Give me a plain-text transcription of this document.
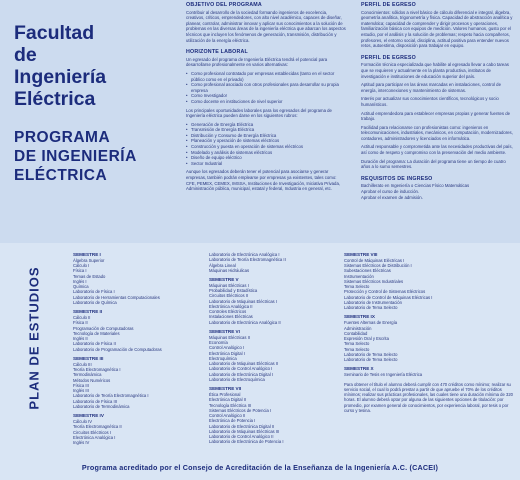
Facultad
de
Ingeniería
Eléctrica
PROGRAMA
DE INGENIERÍA
ELÉCTRICA
OBJETIVO DEL PROGRAMA

Contribuir al desarrollo de la sociedad formando ingenieros de excelencia, creativos, críticos, emprendedores, con alto nivel académico, capaces de diseñar, planear, controlar, administrar innovar y aplicar sus conocimientos a la solución de problemas en las diversas áreas de la ingeniería eléctrica que abarcan los aspectos técnicos que incluyen los fenómenos de generación, transmisión, distribución y utilización de la energía eléctrica.

HORIZONTE LABORAL

Un egresado del programa de Ingeniería Eléctrica tendrá el potencial para desarrollarse profesionalmente en varios alternativas:

• Como profesional contratado por empresas establecidas (tanto en el sector público como en el privado)
• Como profesional asociado con otros profesionales para desarrollar su propia empresa
• Como Investigador
• Como docente en instituciones de nivel superior

Los principales oportunidades laborales para los egresados del programa de Ingeniería eléctrica pueden darse en los siguientes rubros:

• Generación de Energía Eléctrica
• Transmisión de Energía Eléctrica
• Distribución y Consumo de Energía Eléctrica
• Planeación y operación de sistemas eléctricos
• Construcción y puesta en operación de sistemas eléctricos
• Modelado y análisis de sistemas eléctricos
• Diseño de equipo eléctrico
• Sector Industrial

Aunque los egresados deberán tener el potencial para asociarse y generar empresas, también podrán emplearse por empresas ya existentes, tales como: CFE, PEMEX, CEMEX, IMSSA, Instituciones de Investigación, Iniciativa Privada, Administración pública, municipal, estatal y federal, Industria en general, etc.

PERFIL DE EGRESO

Conocimientos: sólidos a nivel básico de cálculo diferencial e integral, álgebra, geometría analítica, trigonometría y física. Capacidad de abstracción analítica y matemática; capacidad de comprender y dirigir procesos y operaciones, familiarización básica con equipos de medición. Valores humanos, gusto por el estudio, por el análisis y la solución de problemas; respeto hacia compañeros, profesores, el entorno social, disciplina, actitud positiva para entender nuevos retos, autoestima, disposición para trabajar en equipo.

PERFIL DE EGRESO

Formación técnica especializada que habilite al egresado llevar a cabo tareas que se requieren y actualmente en la planta productiva, institutos de investigación e instituciones de educación superior del país.

Aptitud para participar en las áreas marcadas en instalaciones, control de energía, interconexiones y mantenimiento de sistemas.

Interés por actualizar sus conocimientos científicos, tecnológicos y socio humanísticos.

Actitud emprendedora para establecer empresas propias y generar fuentes de trabajo.

Facilidad para relacionarse con profesionistas como: ingenieros en telecomunicaciones, industriales, mecánicos, en computación, modernizadores, contadores, administradores y licenciados en informática.

Actitud responsable y comprometida ante las necesidades productivas del país, así como de respeto y compromiso con la preservación del medio ambiente.

Duración del programa: La duración del programa tiene un tiempo de cuatro años a lo sumo semestres.

REQUISITOS DE INGRESO

Bachillerato en Ingeniería o Ciencias Físico Matemáticas

Aprobar el curso de inducción.

Aprobar el examen de admisión.

PLAN DE ESTUDIOS
SEMESTRE I
Álgebra Superior
Cálculo I
Física I
Temas de Estado
Inglés I
Química
Laboratorio de Física I
Laboratorio de Herramientas Computacionales
Laboratorio de Química
SEMESTRE II
Cálculo II
Física II
Programación de Computadoras
Tecnología de Materiales
Inglés II
Laboratorio de Física II
Laboratorio de Programación de Computadoras
SEMESTRE III
Cálculo III
Teoría Electromagnética I
Termodinámica
Métodos Numéricos
Física III
Inglés III
Laboratorio de Teoría Electromagnética I
Laboratorio de Física III
Laboratorio de Termodinámica
SEMESTRE IV
Cálculo IV
Teoría Electromagnética II
Circuitos Eléctricos I
Electrónica Analógica I
Inglés IV
Laboratorio de Electrónica Analógica I
Laboratorio de Teoría Electromagnética II
Álgebra Lineal
Máquinas Hidráulicas
SEMESTRE V
Máquinas Eléctricas I
Probabilidad y Estadística
Circuitos Eléctricos II
Laboratorio de Máquinas Eléctricas I
Electrónica Analógica II
Controles Eléctricos
Instalaciones Eléctricas
Laboratorio de Electrónica Analógica II
SEMESTRE VI
Máquinas Eléctricas II
Economía
Control Analógico I
Electrónica Digital I
Electroquímica
Laboratorio de Máquinas Eléctricas II
Laboratorio de Control Analógico I
Laboratorio de Electrónica Digital I
Laboratorio de Electroquímica
SEMESTRE VII
Ética Profesional
Electrónica Digital II
Tecnología Eléctrica III
Sistemas Eléctricos de Potencia I
Control Analógico II
Electrónica de Potencia I
Laboratorio de Electrónica Digital II
Laboratorio de Máquinas Eléctricas III
Laboratorio de Control Analógico II
Laboratorio de Electrónica de Potencia I
SEMESTRE VIII
Control de Máquinas Eléctricas I
Sistemas Eléctricos de Distribución I
Subestaciones Eléctricas
Instrumentación
Sistemas Eléctricos Industriales
Tema Selecto
Protección y Control de Sistemas Eléctricos
Laboratorio de Control de Máquinas Eléctricas I
Laboratorio de Instrumentación
Laboratorio de Tema Selecto
SEMESTRE IX
Fuentes Alternas de Energía
Administración
Contabilidad
Expresión Oral y Escrita
Tema Selecto
Tema Selecto
Laboratorio de Tema Selecto
Laboratorio de Tema Selecto
SEMESTRE X
Seminario de Tesis en Ingeniería Eléctrica

Para obtener el título el alumno deberá cumplir con 470 créditos como mínimo; realizar su servicio social, el cual lo podrá prestar a partir de que apruebe el 70% de los créditos mínimos; realizar sus prácticas profesionales, las cuales tiene una duración mínima de 320 horas. El alumno deberá optar por alguna de las siguientes opciones de titulación: por promedio, por examen general de conocimientos, por experiencia laboral, por tesis o por curso y tesina.

Programa acreditado por el Consejo de Acreditación de la Enseñanza de la Ingeniería A.C. (CACEI)
